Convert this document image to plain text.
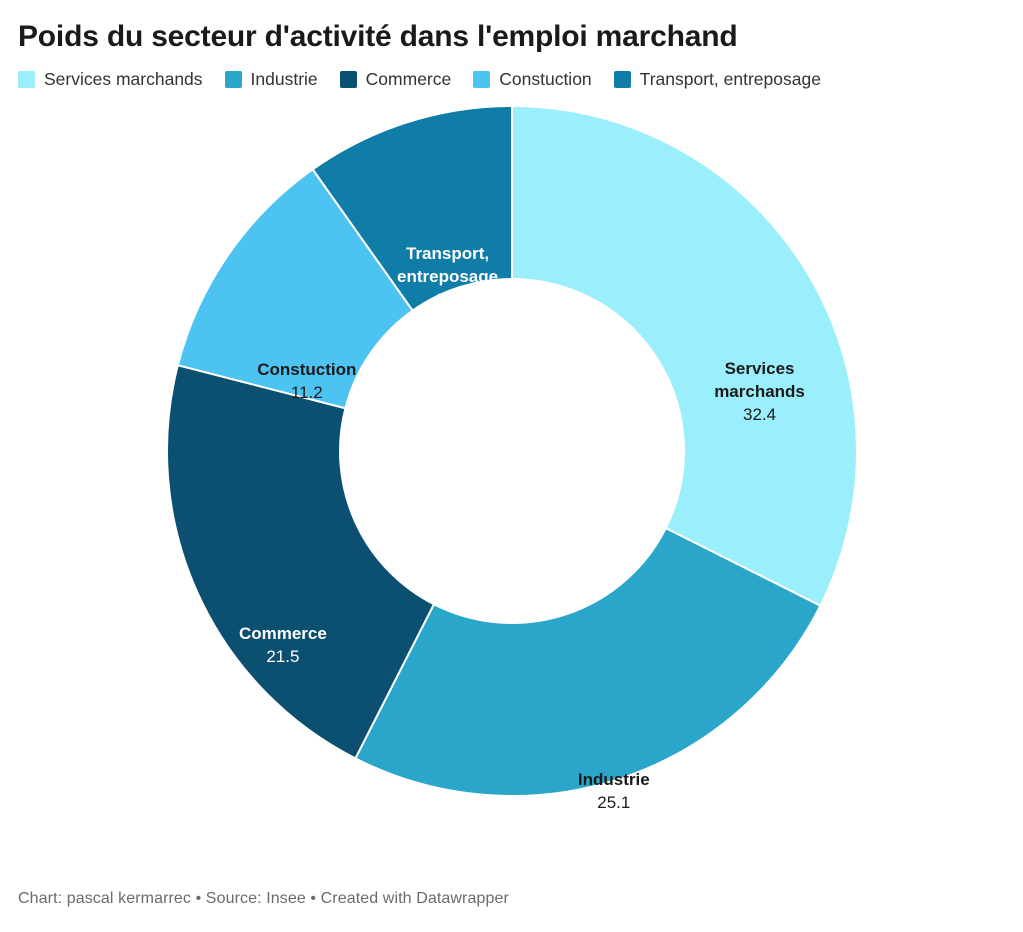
Poids du secteur d'activité dans l'emploi marchand
Services marchands	Industrie	Commerce	Constuction	Transport, entreposage
Services
marchands
32.4
Industrie
25.1
Commerce
21.5
Constuction
11.2
Transport,
entreposage
9.8
Chart: pascal kermarrec • Source: Insee • Created with Datawrapper
